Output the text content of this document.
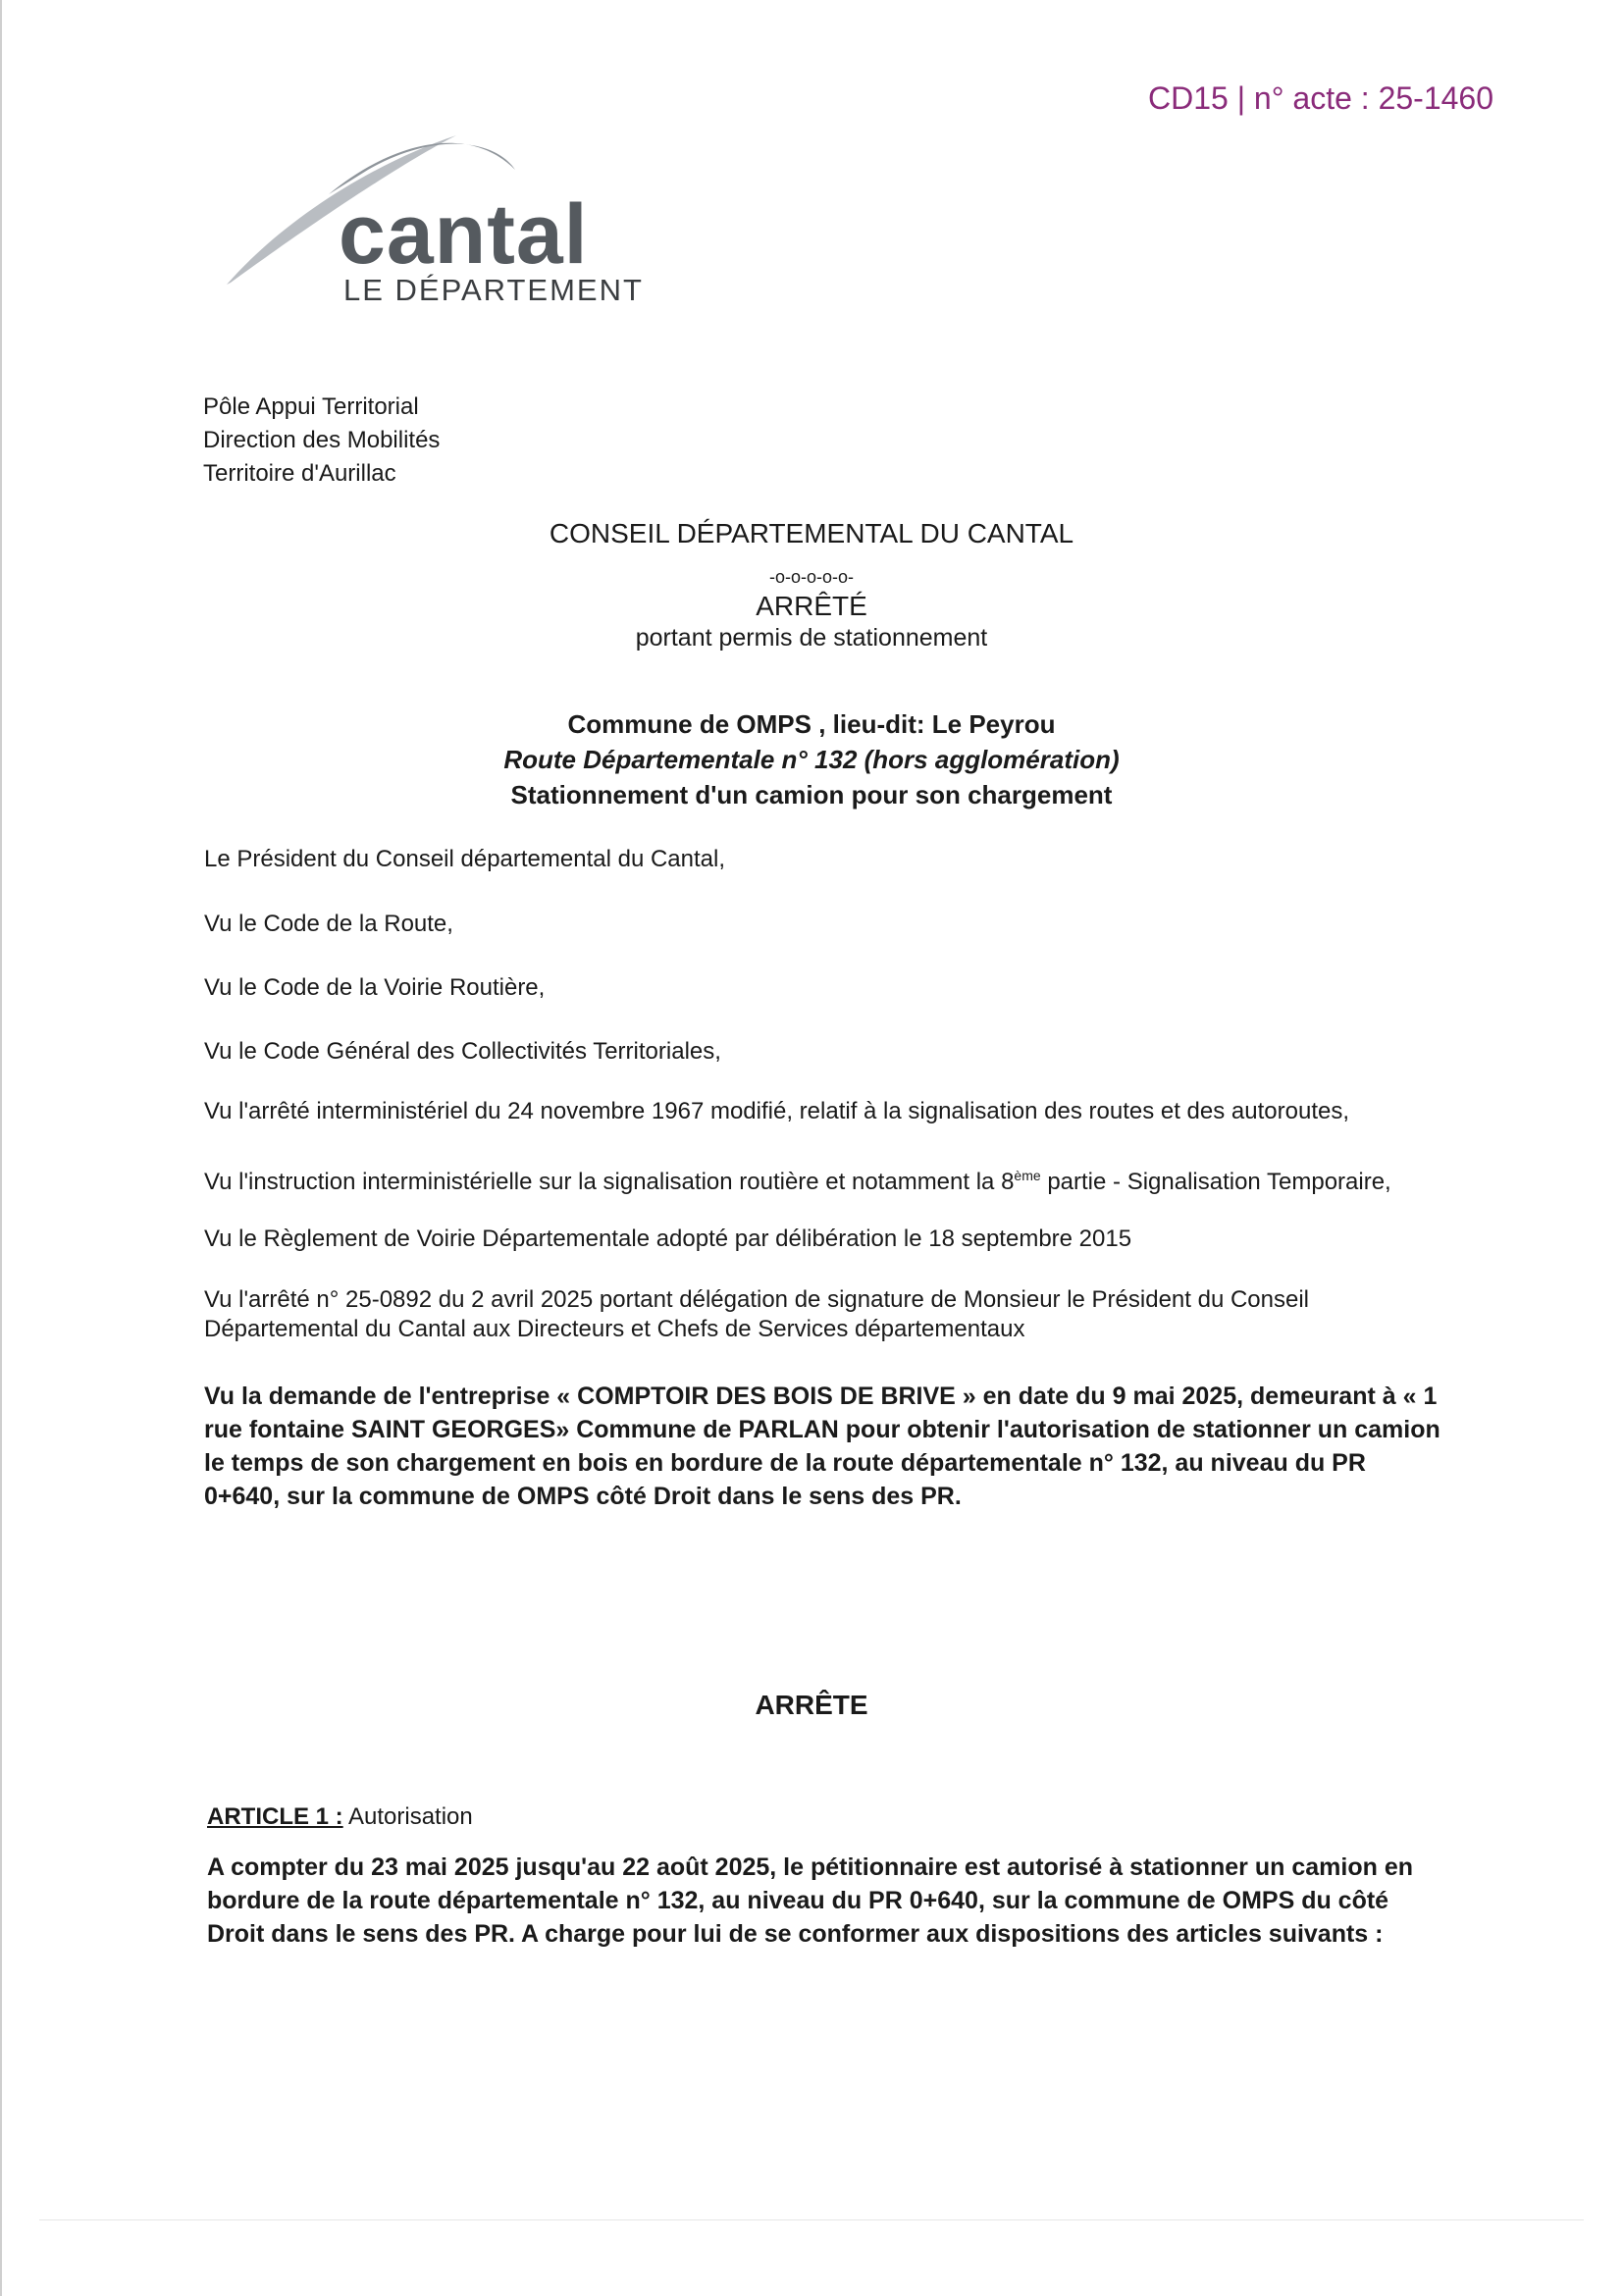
CD15 | n° acte : 25-1460
cantal
LE DÉPARTEMENT
Pôle Appui Territorial
Direction des Mobilités
Territoire d'Aurillac
CONSEIL DÉPARTEMENTAL DU CANTAL
-o-o-o-o-o-
ARRÊTÉ
portant permis de stationnement
Commune de OMPS , lieu-dit: Le Peyrou
Route Départementale n° 132 (hors agglomération)
Stationnement d'un camion pour son chargement
Le Président du Conseil départemental du Cantal,
Vu le Code de la Route,
Vu le Code de la Voirie Routière,
Vu le Code Général des Collectivités Territoriales,
Vu l'arrêté interministériel du 24 novembre 1967 modifié, relatif à la signalisation des routes et des autoroutes,
Vu l'instruction interministérielle sur la signalisation routière et notamment la 8ème partie - Signalisation Temporaire,
Vu le Règlement de Voirie Départementale adopté par délibération le 18 septembre 2015
Vu l'arrêté n° 25-0892 du 2 avril 2025 portant délégation de signature de Monsieur le Président du Conseil
Départemental du Cantal aux Directeurs et Chefs de Services départementaux
Vu la demande de l'entreprise « COMPTOIR DES BOIS DE BRIVE » en date du 9 mai 2025, demeurant à « 1 rue fontaine SAINT GEORGES» Commune de PARLAN pour obtenir l'autorisation de stationner un camion le temps de son chargement en bois en bordure de la route départementale n° 132, au niveau du PR 0+640, sur la commune de OMPS côté Droit dans le sens des PR.
ARRÊTE
ARTICLE 1 : Autorisation
A compter du 23 mai 2025 jusqu'au 22 août 2025, le pétitionnaire est autorisé à stationner un camion en bordure de la route départementale n° 132, au niveau du PR 0+640, sur la commune de OMPS du côté Droit dans le sens des PR. A charge pour lui de se conformer aux dispositions des articles suivants :
